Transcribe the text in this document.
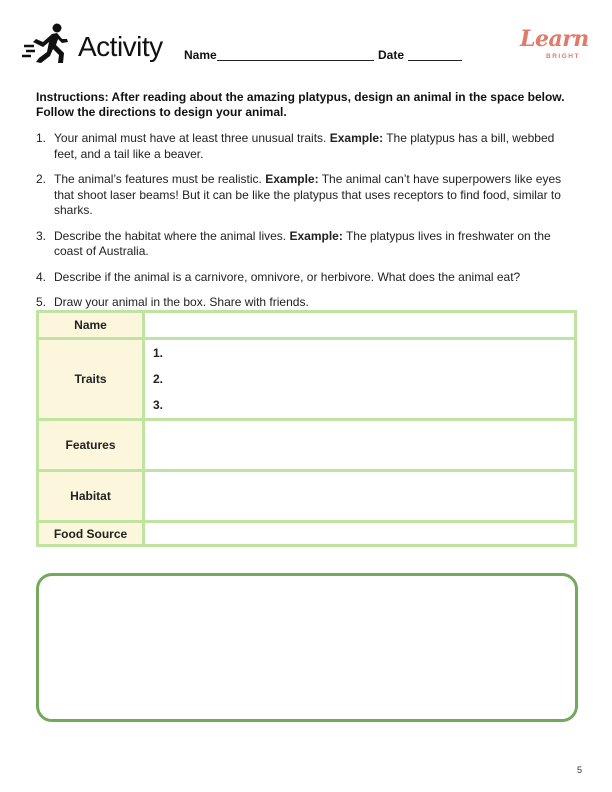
Activity Name	Date
Learn
BRIGHT
Instructions: After reading about the amazing platypus, design an animal in the space below.
Follow the directions to design your animal.
1. Your animal must have at least three unusual traits. Example: The platypus has a bill, webbed feet, and a tail like a beaver.
2. The animal’s features must be realistic. Example: The animal can’t have superpowers like eyes that shoot laser beams! But it can be like the platypus that uses receptors to find food, similar to sharks.
3. Describe the habitat where the animal lives. Example: The platypus lives in freshwater on the coast of Australia.
4. Describe if the animal is a carnivore, omnivore, or herbivore. What does the animal eat?
5. Draw your animal in the box. Share with friends.
Name	
Traits	1.
2.
3.

Features	
Habitat	
Food Source	
5
